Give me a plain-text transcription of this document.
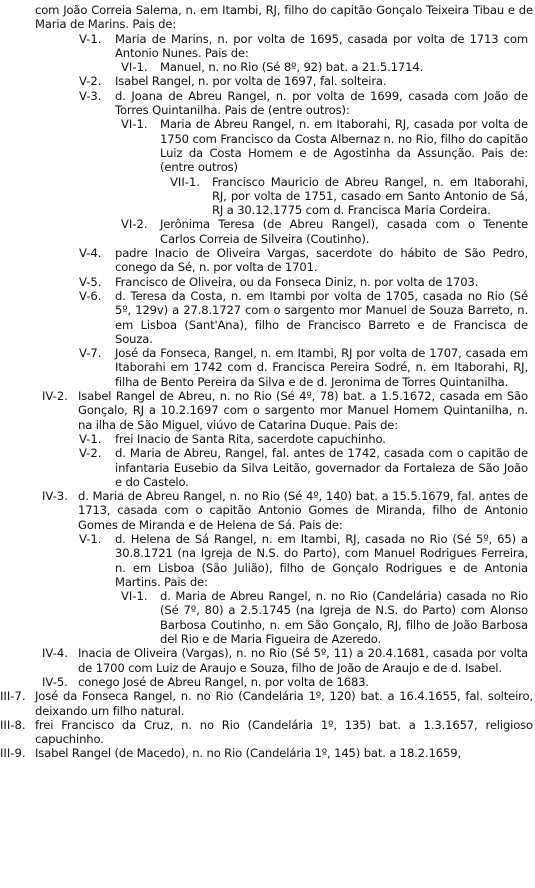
com João Correia Salema, n. em Itambi, RJ, filho do capitão Gonçalo Teixeira Tibau e de Maria de Marins. Pais de:
V-1. Maria de Marins, n. por volta de 1695, casada por volta de 1713 com Antonio Nunes. Pais de:
VI-1. Manuel, n. no Rio (Sé 8º, 92) bat. a 21.5.1714.
V-2. Isabel Rangel, n. por volta de 1697, fal. solteira.
V-3. d. Joana de Abreu Rangel, n. por volta de 1699, casada com João de Torres Quintanilha. Pais de (entre outros):
VI-1. Maria de Abreu Rangel, n. em Itaborahi, RJ, casada por volta de 1750 com Francisco da Costa Albernaz n. no Rio, filho do capitão Luiz da Costa Homem e de Agostinha da Assunção. Pais de: (entre outros)
VII-1. Francisco Mauricio de Abreu Rangel, n. em Itaborahi, RJ, por volta de 1751, casado em Santo Antonio de Sá, RJ a 30.12.1775 com d. Francisca Maria Cordeira.
VI-2. Jerônima Teresa (de Abreu Rangel), casada com o Tenente Carlos Correia de Silveira (Coutinho).
V-4. padre Inacio de Oliveira Vargas, sacerdote do hábito de São Pedro, conego da Sé, n. por volta de 1701.
V-5. Francisco de Oliveira, ou da Fonseca Diniz, n. por volta de 1703.
V-6. d. Teresa da Costa, n. em Itambi por volta de 1705, casada no Rio (Sé 5º, 129v) a 27.8.1727 com o sargento mor Manuel de Souza Barreto, n. em Lisboa (Sant'Ana), filho de Francisco Barreto e de Francisca de Souza.
V-7. José da Fonseca, Rangel, n. em Itambi, RJ por volta de 1707, casada em Itaborahi em 1742 com d. Francisca Pereira Sodré, n. em Itaborahi, RJ, filha de Bento Pereira da Silva e de d. Jeronima de Torres Quintanilha.
IV-2. Isabel Rangel de Abreu, n. no Rio (Sé 4º, 78) bat. a 1.5.1672, casada em São Gonçalo, RJ a 10.2.1697 com o sargento mor Manuel Homem Quintanilha, n. na ilha de São Miguel, viúvo de Catarina Duque. Pais de:
V-1. frei Inacio de Santa Rita, sacerdote capuchinho.
V-2. d. Maria de Abreu, Rangel, fal. antes de 1742, casada com o capitão de infantaria Eusebio da Silva Leitão, governador da Fortaleza de São João e do Castelo.
IV-3. d. Maria de Abreu Rangel, n. no Rio (Sé 4º, 140) bat. a 15.5.1679, fal. antes de 1713, casada com o capitão Antonio Gomes de Miranda, filho de Antonio Gomes de Miranda e de Helena de Sá. Pais de:
V-1. d. Helena de Sá Rangel, n. em Itambi, RJ, casada no Rio (Sé 5º, 65) a 30.8.1721 (na Igreja de N.S. do Parto), com Manuel Rodrigues Ferreira, n. em Lisboa (São Julião), filho de Gonçalo Rodrigues e de Antonia Martins. Pais de:
VI-1. d. Maria de Abreu Rangel, n. no Rio (Candelária) casada no Rio (Sé 7º, 80) a 2.5.1745 (na Igreja de N.S. do Parto) com Alonso Barbosa Coutinho, n. em São Gonçalo, RJ, filho de João Barbosa del Rio e de Maria Figueira de Azeredo.
IV-4. Inacia de Oliveira (Vargas), n. no Rio (Sé 5º, 11) a 20.4.1681, casada por volta de 1700 com Luiz de Araujo e Souza, filho de João de Araujo e de d. Isabel.
IV-5. conego José de Abreu Rangel, n. por volta de 1683.
III-7. José da Fonseca Rangel, n. no Rio (Candelária 1º, 120) bat. a 16.4.1655, fal. solteiro, deixando um filho natural.
III-8. frei Francisco da Cruz, n. no Rio (Candelária 1º, 135) bat. a 1.3.1657, religioso capuchinho.
III-9. Isabel Rangel (de Macedo), n. no Rio (Candelária 1º, 145) bat. a 18.2.1659,
